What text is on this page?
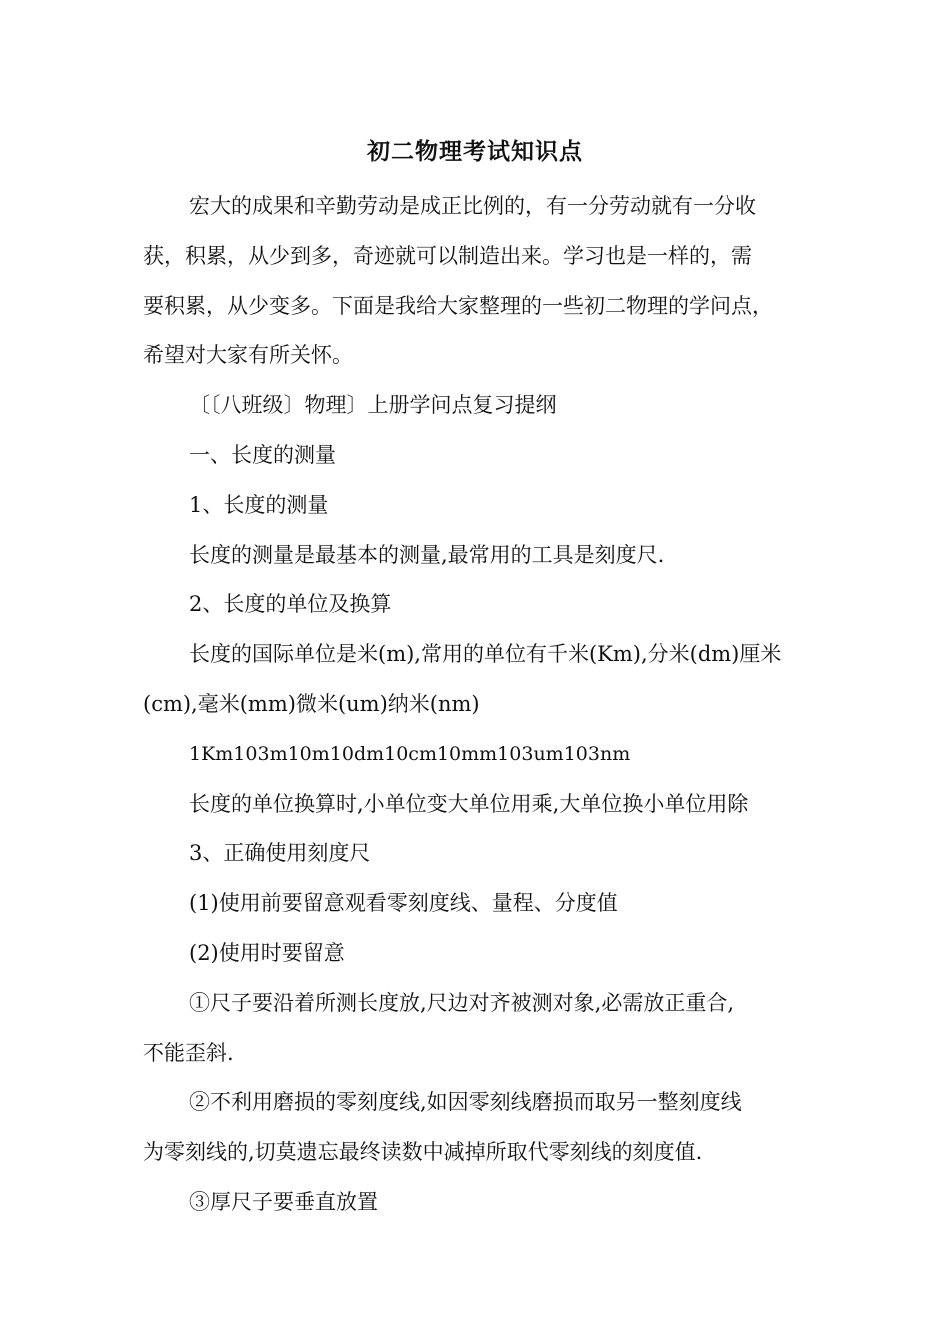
初二物理考试知识点
宏大的成果和辛勤劳动是成正比例的，有一分劳动就有一分收
获，积累，从少到多，奇迹就可以制造出来。学习也是一样的，需
要积累，从少变多。下面是我给大家整理的一些初二物理的学问点，
希望对大家有所关怀。
〔〔八班级〕物理〕上册学问点复习提纲
一、长度的测量
1、长度的测量
长度的测量是最基本的测量,最常用的工具是刻度尺.
2、长度的单位及换算
长度的国际单位是米(m),常用的单位有千米(Km),分米(dm)厘米
(cm),毫米(mm)微米(um)纳米(nm)
1Km103m10m10dm10cm10mm103um103nm
长度的单位换算时,小单位变大单位用乘,大单位换小单位用除
3、正确使用刻度尺
(1)使用前要留意观看零刻度线、量程、分度值
(2)使用时要留意
①尺子要沿着所测长度放,尺边对齐被测对象,必需放正重合,
不能歪斜.
②不利用磨损的零刻度线,如因零刻线磨损而取另一整刻度线
为零刻线的,切莫遗忘最终读数中减掉所取代零刻线的刻度值.
③厚尺子要垂直放置
